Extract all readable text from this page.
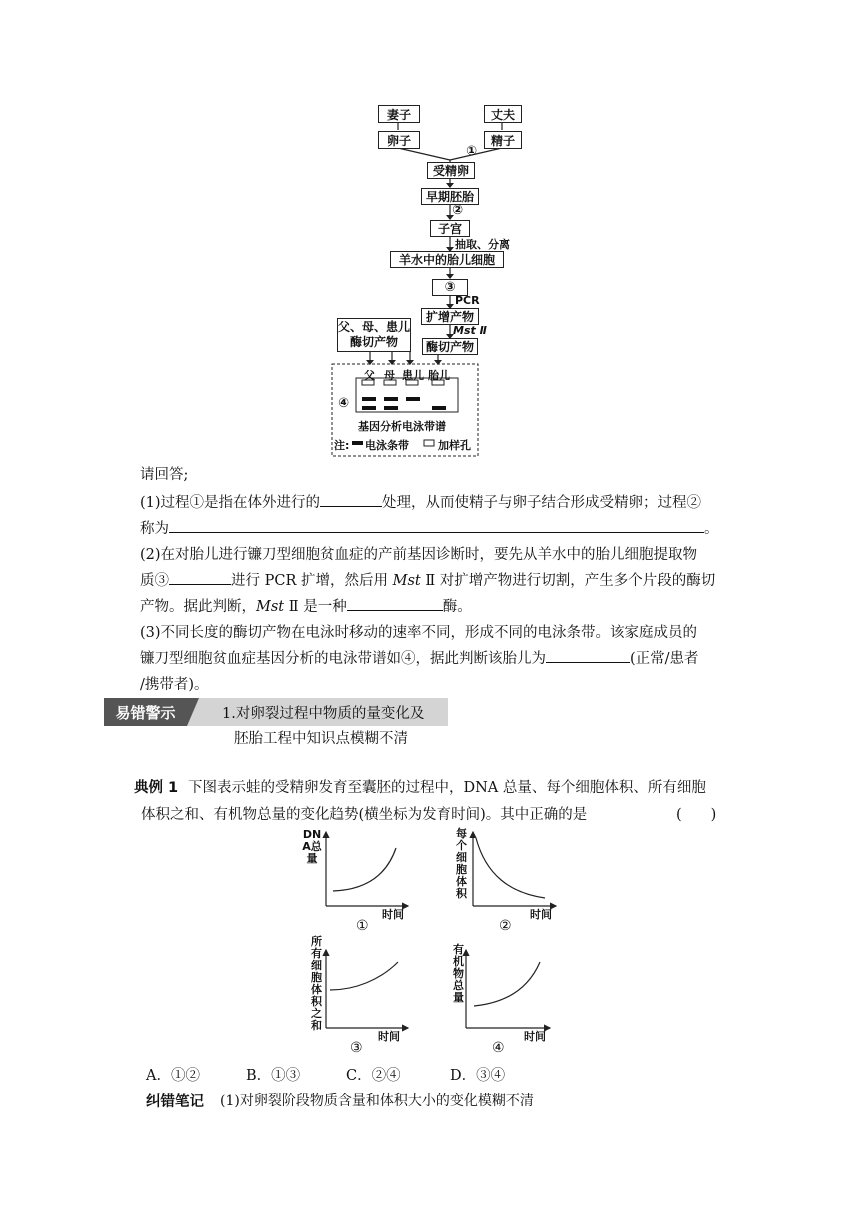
妻子	丈夫
卵子	精子
①
受精卵
早期胚胎
②
子宫
抽取、分离
羊水中的胎儿细胞
③
PCR
扩增产物
Mst Ⅱ
酶切产物
父、母、患儿酶切产物
父 母 患儿 胎儿
④
基因分析电泳带谱
注: 电泳条带	加样孔
请回答;
(1)过程①是指在体外进行的	处理，从而使精子与卵子结合形成受精卵；过程②
称为	。
(2)在对胎儿进行镰刀型细胞贫血症的产前基因诊断时，要先从羊水中的胎儿细胞提取物
质③	进行 PCR 扩增，然后用 Mst Ⅱ 对扩增产物进行切割，产生多个片段的酶切
产物。据此判断，Mst Ⅱ 是一种	酶。
(3)不同长度的酶切产物在电泳时移动的速率不同，形成不同的电泳条带。该家庭成员的
镰刀型细胞贫血症基因分析的电泳带谱如④，据此判断该胎儿为	(正常/患者
/携带者)。
易错警示	1.对卵裂过程中物质的量变化及
胚胎工程中知识点模糊不清
典例 1 下图表示蛙的受精卵发育至囊胚的过程中，DNA 总量、每个细胞体积、所有细胞
体积之和、有机物总量的变化趋势(横坐标为发育时间)。其中正确的是	(　　)
DNA总量
时间
①
每个细胞体积
时间
②
所有细胞体积之和
时间
③
有机物总量
时间
④
A．①②	B．①③	C．②④	D．③④
纠错笔记 (1)对卵裂阶段物质含量和体积大小的变化模糊不清
